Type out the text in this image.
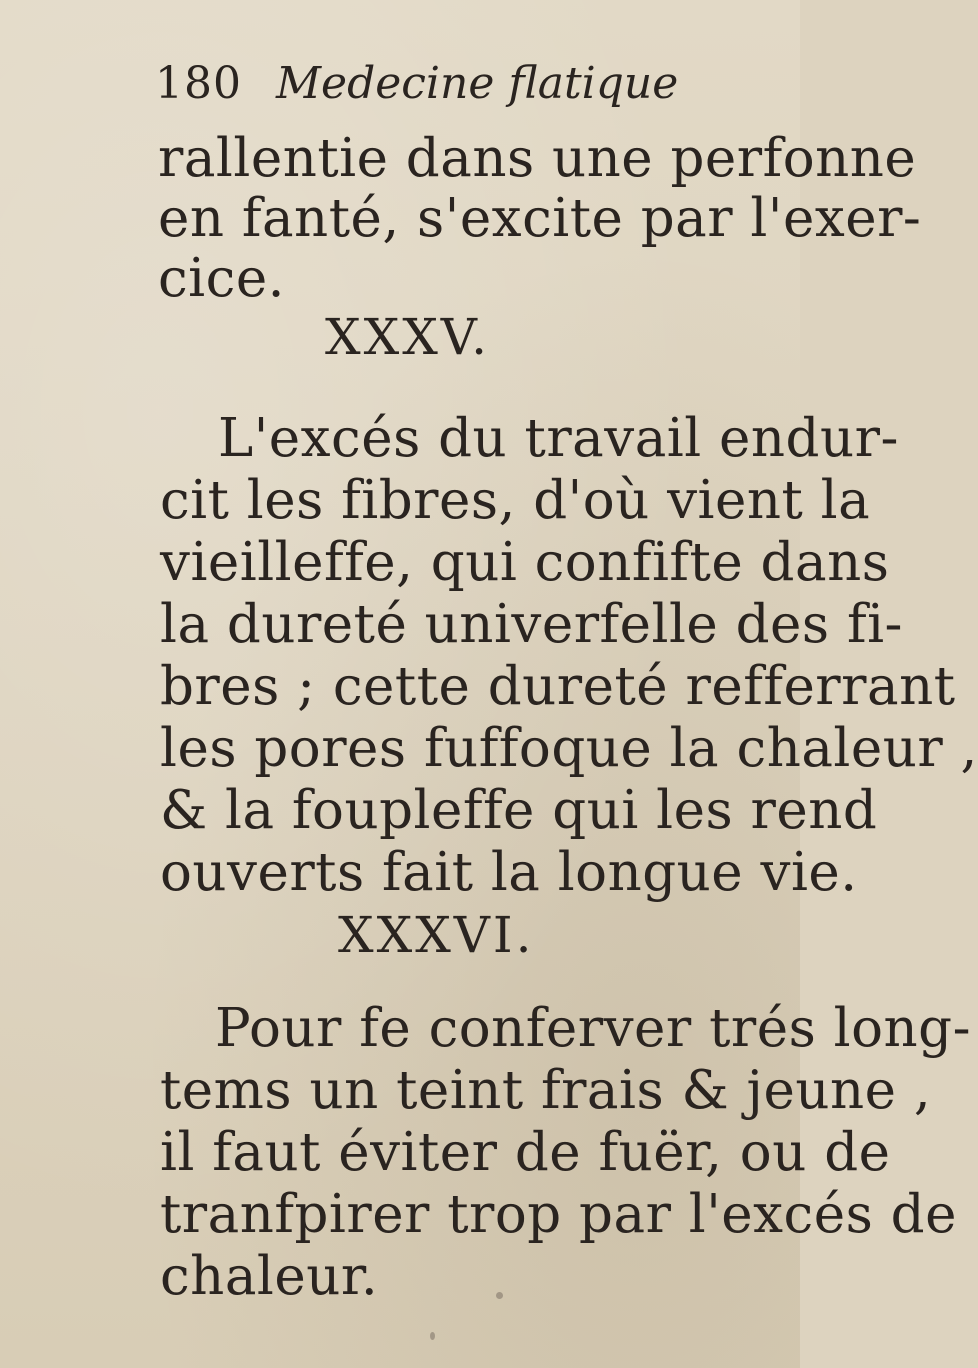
180 Medecine flatique
rallentie dans une perfonne
en fanté, s'excite par l'exer-
cice.
XXXV.
L'excés du travail endur-
cit les fibres, d'où vient la
vieilleffe, qui confifte dans
la dureté univerfelle des fi-
bres ; cette dureté refferrant
les pores fuffoque la chaleur ,
& la foupleffe qui les rend
ouverts fait la longue vie.
XXXVI.
Pour fe conferver trés long-
tems un teint frais & jeune ,
il faut éviter de fuër, ou de
tranfpirer trop par l'excés de
chaleur.
